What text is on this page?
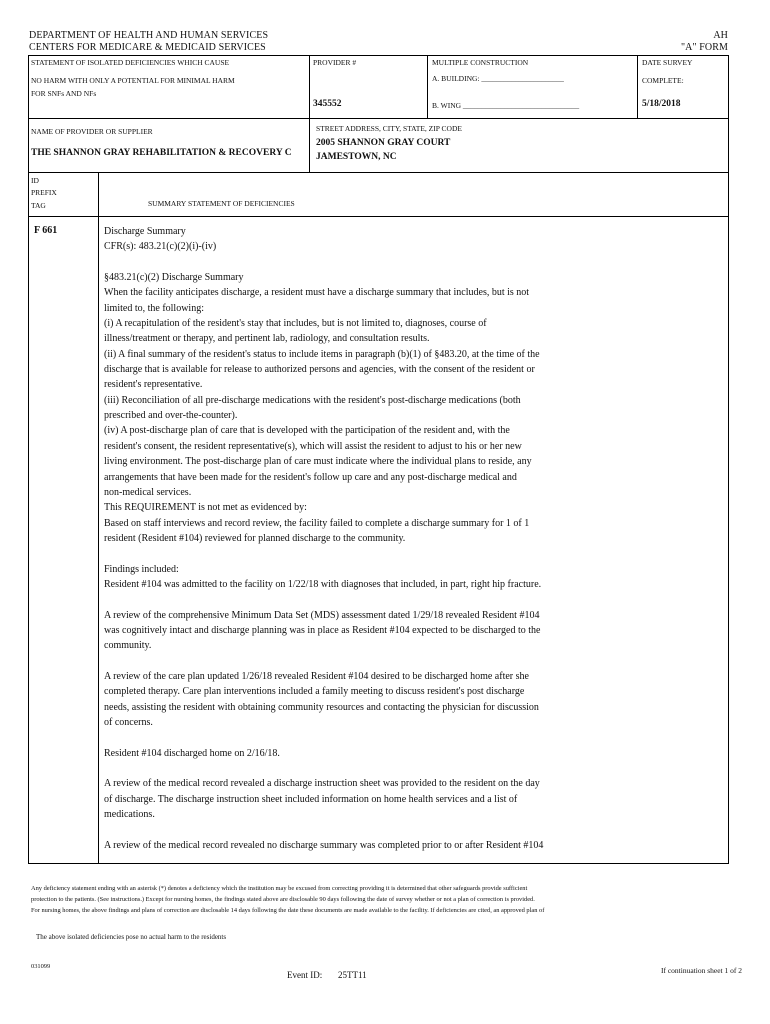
DEPARTMENT OF HEALTH AND HUMAN SERVICES
CENTERS FOR MEDICARE & MEDICAID SERVICES
AH
"A" FORM
STATEMENT OF ISOLATED DEFICIENCIES WHICH CAUSE
NO HARM WITH ONLY A POTENTIAL FOR MINIMAL HARM
FOR SNFs AND NFs
PROVIDER #
345552
MULTIPLE CONSTRUCTION
A. BUILDING: ______________________
B. WING _______________________________
DATE SURVEY
COMPLETE:
5/18/2018
NAME OF PROVIDER OR SUPPLIER
THE SHANNON GRAY REHABILITATION & RECOVERY C
STREET ADDRESS, CITY, STATE, ZIP CODE
2005 SHANNON GRAY COURT
JAMESTOWN, NC
ID
PREFIX
TAG	SUMMARY STATEMENT OF DEFICIENCIES
F 661	Discharge Summary

CFR(s): 483.21(c)(2)(i)-(iv)

§483.21(c)(2) Discharge Summary

When the facility anticipates discharge, a resident must have a discharge summary that includes, but is not

limited to, the following:

(i) A recapitulation of the resident's stay that includes, but is not limited to, diagnoses, course of

illness/treatment or therapy, and pertinent lab, radiology, and consultation results.

(ii) A final summary of the resident's status to include items in paragraph (b)(1) of §483.20, at the time of the

discharge that is available for release to authorized persons and agencies, with the consent of the resident or

resident's representative.

(iii) Reconciliation of all pre-discharge medications with the resident's post-discharge medications (both

prescribed and over-the-counter).

(iv) A post-discharge plan of care that is developed with the participation of the resident and, with the

resident's consent, the resident representative(s), which will assist the resident to adjust to his or her new

living environment. The post-discharge plan of care must indicate where the individual plans to reside, any

arrangements that have been made for the resident's follow up care and any post-discharge medical and

non-medical services.

This REQUIREMENT is not met as evidenced by:

Based on staff interviews and record review, the facility failed to complete a discharge summary for 1 of 1

resident (Resident #104) reviewed for planned discharge to the community.

Findings included:

Resident #104 was admitted to the facility on 1/22/18 with diagnoses that included, in part, right hip fracture.

A review of the comprehensive Minimum Data Set (MDS) assessment dated 1/29/18 revealed Resident #104

was cognitively intact and discharge planning was in place as Resident #104 expected to be discharged to the

community.

A review of the care plan updated 1/26/18 revealed Resident #104 desired to be discharged home after she

completed therapy. Care plan interventions included a family meeting to discuss resident's post discharge

needs, assisting the resident with obtaining community resources and contacting the physician for discussion

of concerns.

Resident #104 discharged home on 2/16/18.

A review of the medical record revealed a discharge instruction sheet was provided to the resident on the day

of discharge. The discharge instruction sheet included information on home health services and a list of

medications.

A review of the medical record revealed no discharge summary was completed prior to or after Resident #104

Any deficiency statement ending with an asterisk (*) denotes a deficiency which the institution may be excused from correcting providing it is determined that other safeguards provide sufficient
protection to the patients. (See instructions.) Except for nursing homes, the findings stated above are disclosable 90 days following the date of survey whether or not a plan of correction is provided.
For nursing homes, the above findings and plans of correction are disclosable 14 days following the date these documents are made available to the facility. If deficiencies are cited, an approved plan of
The above isolated deficiencies pose no actual harm to the residents
031099
Event ID: 25TT11	If continuation sheet 1 of 2
